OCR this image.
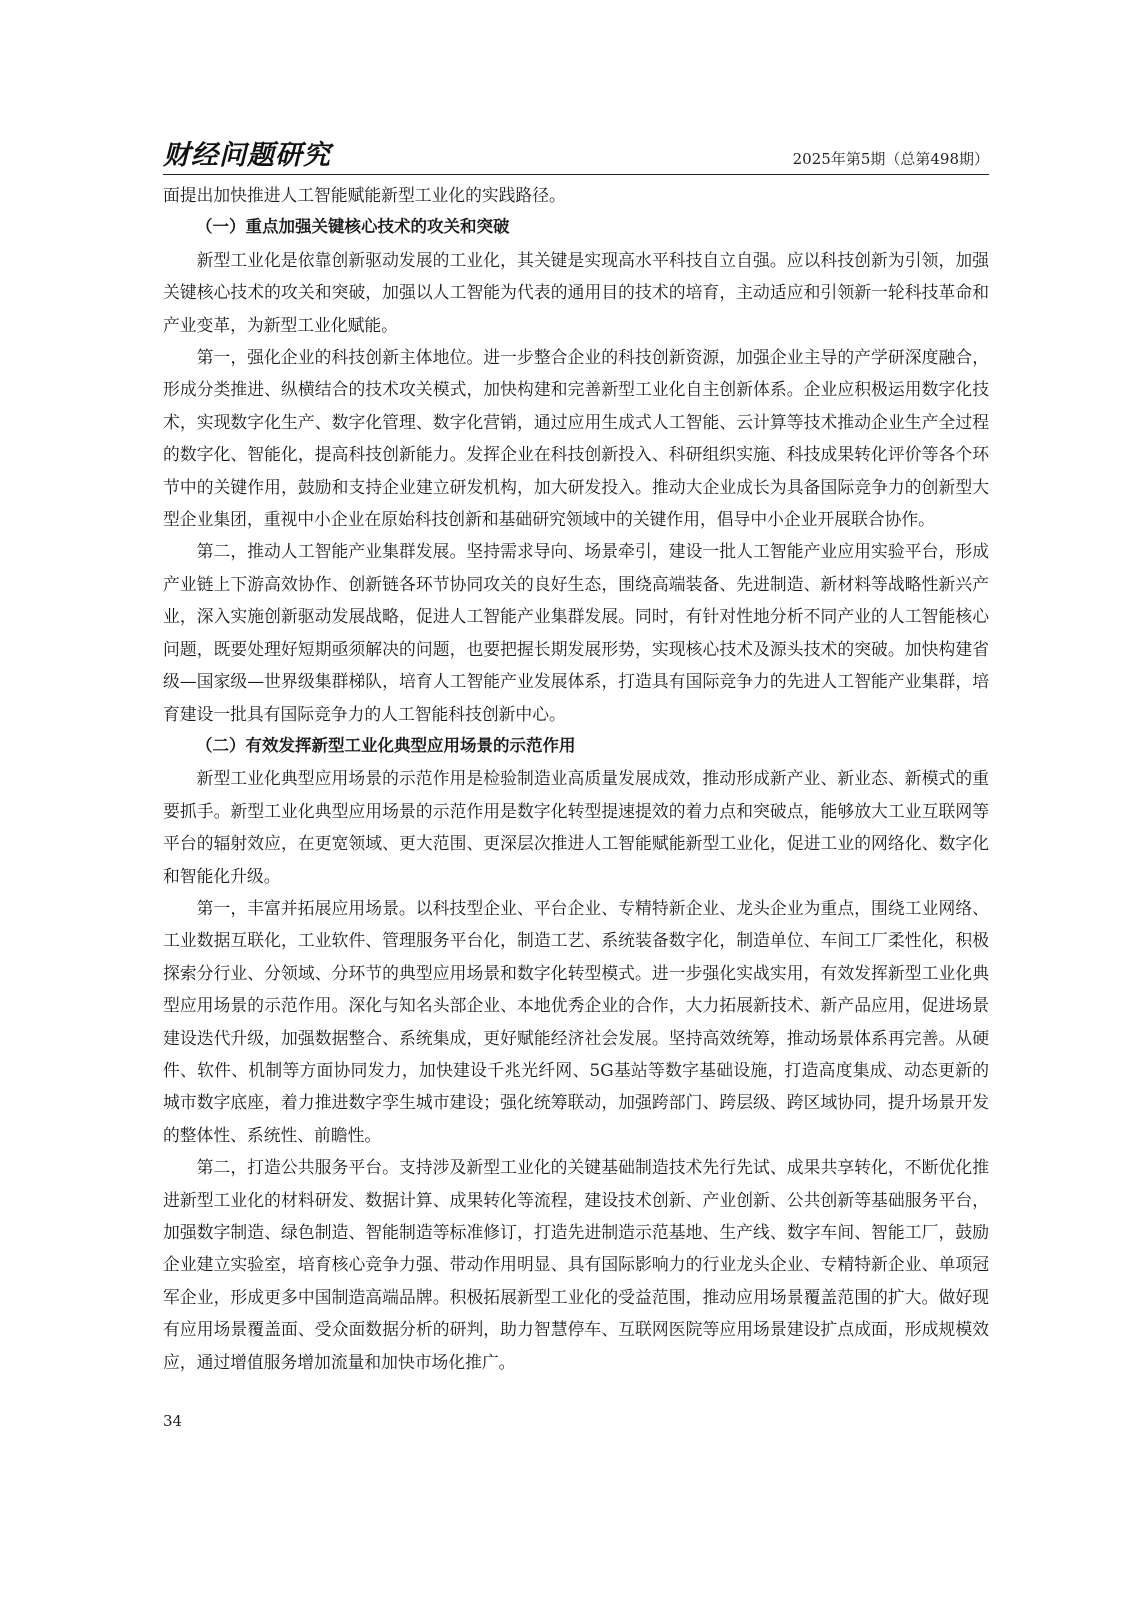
财经问题研究	2025年第5期（总第498期）

面提出加快推进人工智能赋能新型工业化的实践路径。

（一）重点加强关键核心技术的攻关和突破

新型工业化是依靠创新驱动发展的工业化，其关键是实现高水平科技自立自强。应以科技创新为引领，加强关键核心技术的攻关和突破，加强以人工智能为代表的通用目的技术的培育，主动适应和引领新一轮科技革命和产业变革，为新型工业化赋能。

第一，强化企业的科技创新主体地位。进一步整合企业的科技创新资源，加强企业主导的产学研深度融合，形成分类推进、纵横结合的技术攻关模式，加快构建和完善新型工业化自主创新体系。企业应积极运用数字化技术，实现数字化生产、数字化管理、数字化营销，通过应用生成式人工智能、云计算等技术推动企业生产全过程的数字化、智能化，提高科技创新能力。发挥企业在科技创新投入、科研组织实施、科技成果转化评价等各个环节中的关键作用，鼓励和支持企业建立研发机构，加大研发投入。推动大企业成长为具备国际竞争力的创新型大型企业集团，重视中小企业在原始科技创新和基础研究领域中的关键作用，倡导中小企业开展联合协作。

第二，推动人工智能产业集群发展。坚持需求导向、场景牵引，建设一批人工智能产业应用实验平台，形成产业链上下游高效协作、创新链各环节协同攻关的良好生态，围绕高端装备、先进制造、新材料等战略性新兴产业，深入实施创新驱动发展战略，促进人工智能产业集群发展。同时，有针对性地分析不同产业的人工智能核心问题，既要处理好短期亟须解决的问题，也要把握长期发展形势，实现核心技术及源头技术的突破。加快构建省级—国家级—世界级集群梯队，培育人工智能产业发展体系，打造具有国际竞争力的先进人工智能产业集群，培育建设一批具有国际竞争力的人工智能科技创新中心。

（二）有效发挥新型工业化典型应用场景的示范作用

新型工业化典型应用场景的示范作用是检验制造业高质量发展成效，推动形成新产业、新业态、新模式的重要抓手。新型工业化典型应用场景的示范作用是数字化转型提速提效的着力点和突破点，能够放大工业互联网等平台的辐射效应，在更宽领域、更大范围、更深层次推进人工智能赋能新型工业化，促进工业的网络化、数字化和智能化升级。

第一，丰富并拓展应用场景。以科技型企业、平台企业、专精特新企业、龙头企业为重点，围绕工业网络、工业数据互联化，工业软件、管理服务平台化，制造工艺、系统装备数字化，制造单位、车间工厂柔性化，积极探索分行业、分领域、分环节的典型应用场景和数字化转型模式。进一步强化实战实用，有效发挥新型工业化典型应用场景的示范作用。深化与知名头部企业、本地优秀企业的合作，大力拓展新技术、新产品应用，促进场景建设迭代升级，加强数据整合、系统集成，更好赋能经济社会发展。坚持高效统筹，推动场景体系再完善。从硬件、软件、机制等方面协同发力，加快建设千兆光纤网、5G基站等数字基础设施，打造高度集成、动态更新的城市数字底座，着力推进数字孪生城市建设；强化统筹联动，加强跨部门、跨层级、跨区域协同，提升场景开发的整体性、系统性、前瞻性。

第二，打造公共服务平台。支持涉及新型工业化的关键基础制造技术先行先试、成果共享转化，不断优化推进新型工业化的材料研发、数据计算、成果转化等流程，建设技术创新、产业创新、公共创新等基础服务平台，加强数字制造、绿色制造、智能制造等标准修订，打造先进制造示范基地、生产线、数字车间、智能工厂，鼓励企业建立实验室，培育核心竞争力强、带动作用明显、具有国际影响力的行业龙头企业、专精特新企业、单项冠军企业，形成更多中国制造高端品牌。积极拓展新型工业化的受益范围，推动应用场景覆盖范围的扩大。做好现有应用场景覆盖面、受众面数据分析的研判，助力智慧停车、互联网医院等应用场景建设扩点成面，形成规模效应，通过增值服务增加流量和加快市场化推广。

34
